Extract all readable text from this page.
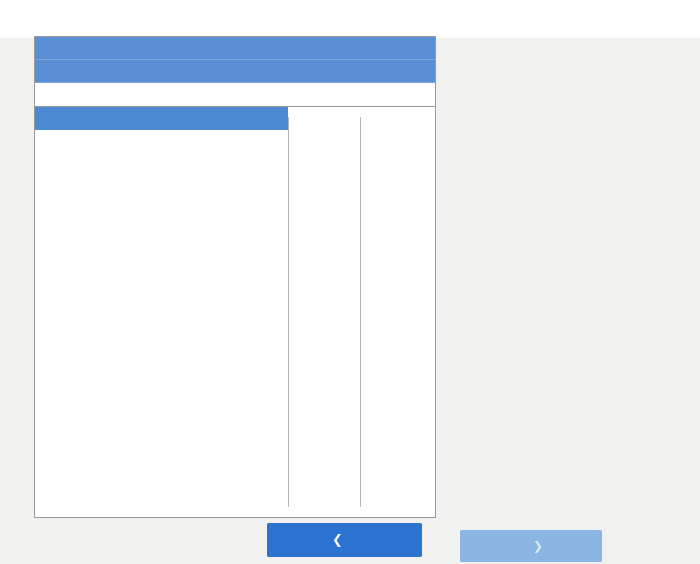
❮	❯
